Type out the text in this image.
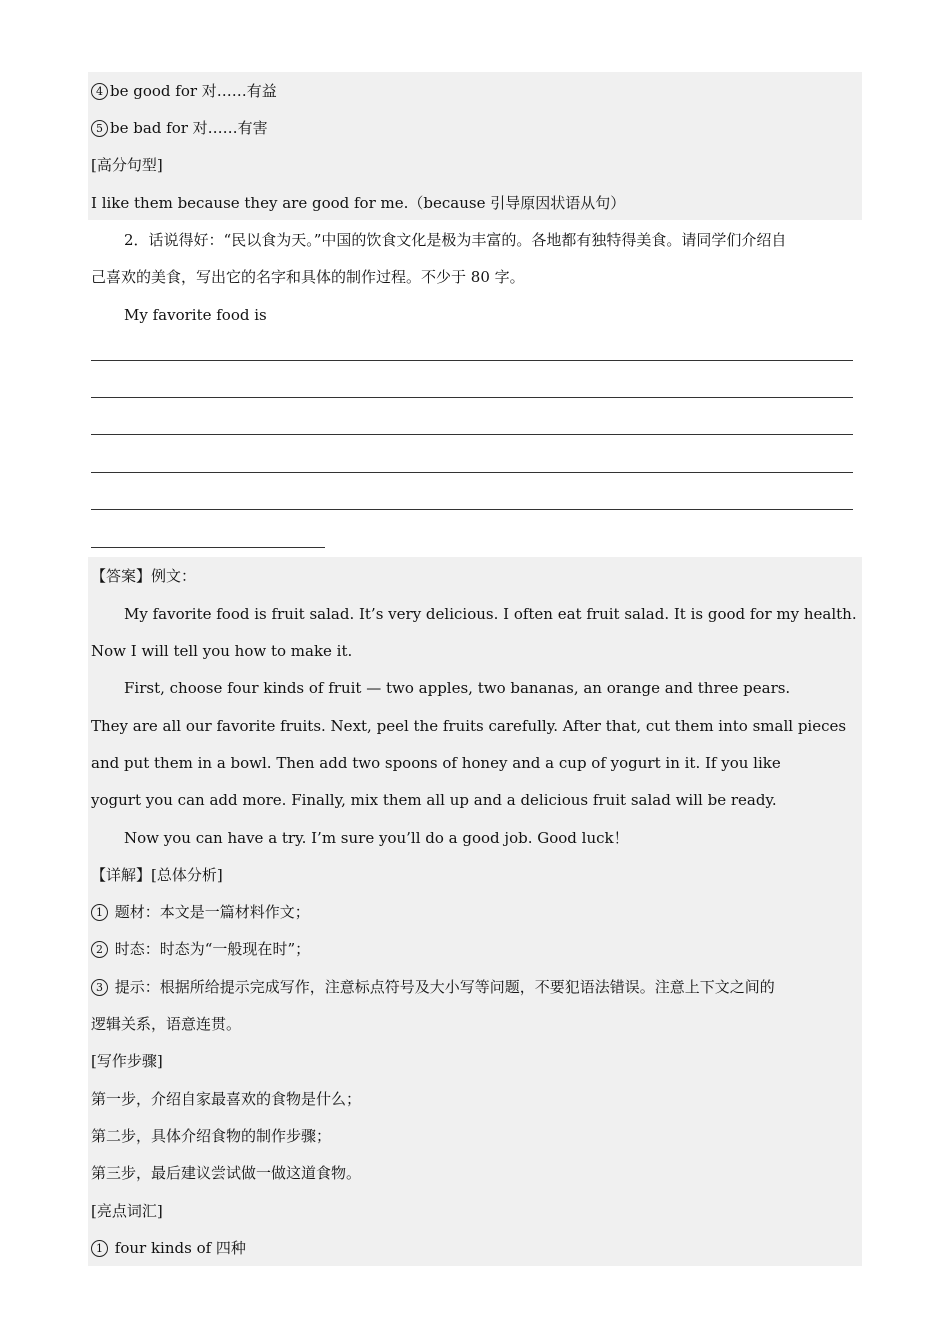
4 be good for 对……有益
5 be bad for 对……有害
[高分句型]
I like them because they are good for me.（because 引导原因状语从句）
2．话说得好：“民以食为天。”中国的饮食文化是极为丰富的。各地都有独特得美食。请同学们介绍自
己喜欢的美食，写出它的名字和具体的制作过程。不少于 80 字。
My favorite food is
【答案】例文：
My favorite food is fruit salad. It’s very delicious. I often eat fruit salad. It is good for my health.
Now I will tell you how to make it.
First, choose four kinds of fruit — two apples, two bananas, an orange and three pears.
They are all our favorite fruits. Next, peel the fruits carefully. After that, cut them into small pieces
and put them in a bowl. Then add two spoons of honey and a cup of yogurt in it. If you like
yogurt you can add more. Finally, mix them all up and a delicious fruit salad will be ready.
Now you can have a try. I’m sure you’ll do a good job. Good luck！
【详解】[总体分析]
1 题材：本文是一篇材料作文；
2 时态：时态为“一般现在时”；
3 提示：根据所给提示完成写作，注意标点符号及大小写等问题，不要犯语法错误。注意上下文之间的
逻辑关系，语意连贯。
[写作步骤]
第一步，介绍自家最喜欢的食物是什么；
第二步，具体介绍食物的制作步骤；
第三步，最后建议尝试做一做这道食物。
[亮点词汇]
1 four kinds of 四种
